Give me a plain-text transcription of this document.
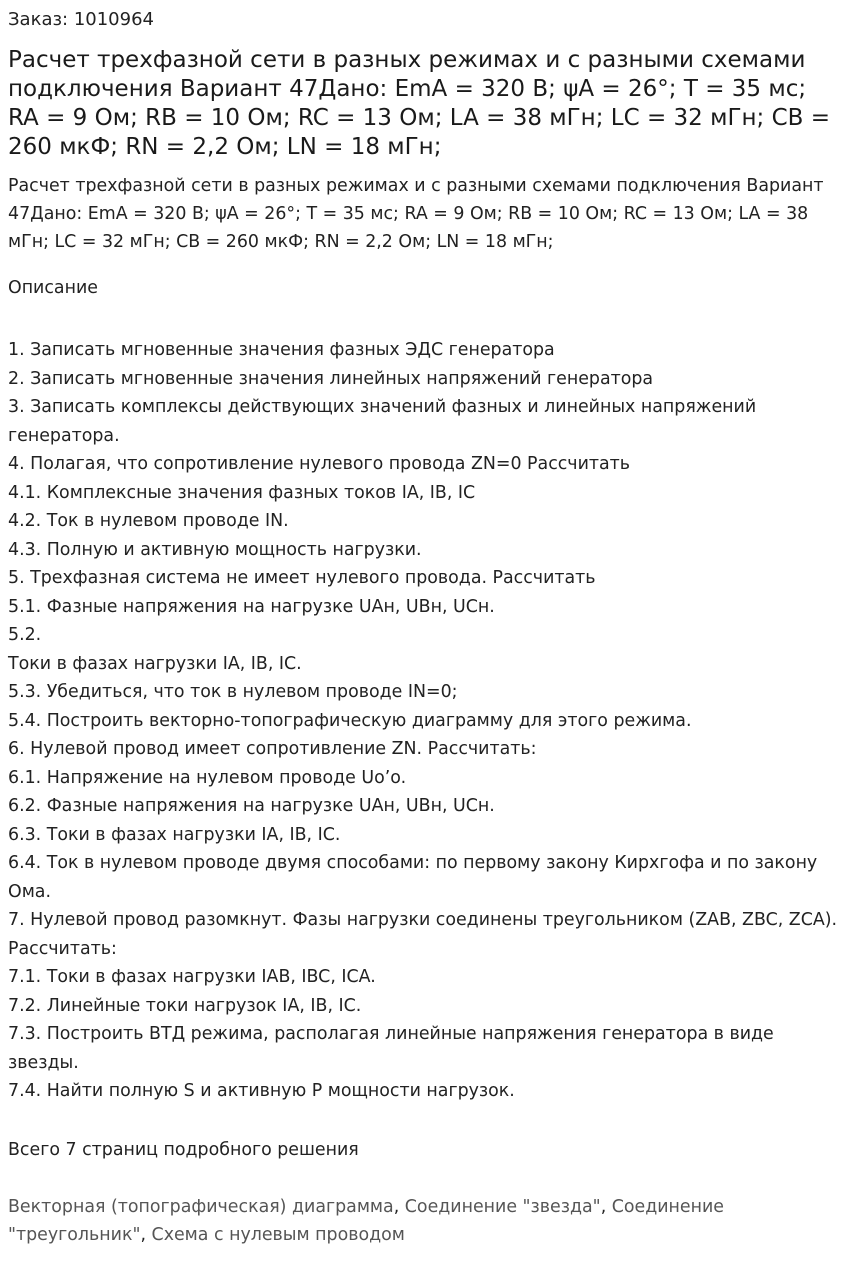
Заказ: 1010964

Расчет трехфазной сети в разных режимах и с разными схемами подключения Вариант 47Дано: EmA = 320 В; ψA = 26°; T = 35 мс; RA = 9 Ом; RB = 10 Ом; RC = 13 Ом; LA = 38 мГн; LC = 32 мГн; CB = 260 мкФ; RN = 2,2 Ом; LN = 18 мГн;

Расчет трехфазной сети в разных режимах и с разными схемами подключения Вариант 47Дано: EmA = 320 В; ψA = 26°; T = 35 мс; RA = 9 Ом; RB = 10 Ом; RC = 13 Ом; LA = 38 мГн; LC = 32 мГн; CB = 260 мкФ; RN = 2,2 Ом; LN = 18 мГн;

Описание

1. Записать мгновенные значения фазных ЭДС генератора
2. Записать мгновенные значения линейных напряжений генератора
3. Записать комплексы действующих значений фазных и линейных напряжений генератора.
4. Полагая, что сопротивление нулевого провода ZN=0 Рассчитать
4.1. Комплексные значения фазных токов IA, IB, IC
4.2. Ток в нулевом проводе IN.
4.3. Полную и активную мощность нагрузки.
5. Трехфазная система не имеет нулевого провода. Рассчитать
5.1. Фазные напряжения на нагрузке UAн, UBн, UCн.
5.2.
Токи в фазах нагрузки IA, IB, IC.
5.3. Убедиться, что ток в нулевом проводе IN=0;
5.4. Построить векторно-топографическую диаграмму для этого режима.
6. Нулевой провод имеет сопротивление ZN. Рассчитать:
6.1. Напряжение на нулевом проводе Uo’o.
6.2. Фазные напряжения на нагрузке UAн, UBн, UCн.
6.3. Токи в фазах нагрузки IA, IB, IC.
6.4. Ток в нулевом проводе двумя способами: по первому закону Кирхгофа и по закону Ома.
7. Нулевой провод разомкнут. Фазы нагрузки соединены треугольником (ZAB, ZBC, ZCA). Рассчитать:
7.1. Токи в фазах нагрузки IAB, IBC, ICA.
7.2. Линейные токи нагрузок IA, IB, IC.
7.3. Построить ВТД режима, располагая линейные напряжения генератора в виде звезды.
7.4. Найти полную S и активную P мощности нагрузок.

Всего 7 страниц подробного решения

Векторная (топографическая) диаграмма, Соединение "звезда", Соединение "треугольник", Схема с нулевым проводом
